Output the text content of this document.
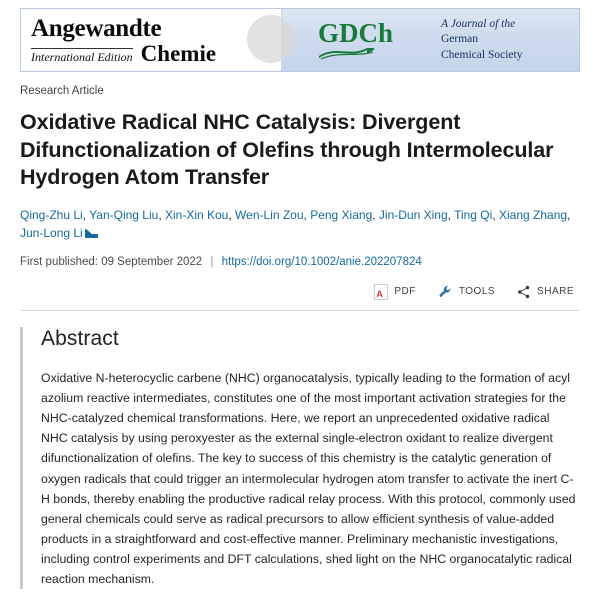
Angewandte
International Edition Chemie
GDCh	A Journal of the
German
Chemical Society
Research Article
Oxidative Radical NHC Catalysis: Divergent Difunctionalization of Olefins through Intermolecular Hydrogen Atom Transfer
Qing-Zhu Li, Yan-Qing Liu, Xin-Xin Kou, Wen-Lin Zou, Peng Xiang, Jin-Dun Xing, Ting Qi, Xiang Zhang,
Jun-Long Li
First published: 09 September 2022 | https://doi.org/10.1002/anie.202207824
A
PDF	TOOLS	SHARE
Abstract

Oxidative N-heterocyclic carbene (NHC) organocatalysis, typically leading to the formation of acyl azolium reactive intermediates, constitutes one of the most important activation strategies for the NHC-catalyzed chemical transformations. Here, we report an unprecedented oxidative radical NHC catalysis by using peroxyester as the external single-electron oxidant to realize divergent difunctionalization of olefins. The key to success of this chemistry is the catalytic generation of oxygen radicals that could trigger an intermolecular hydrogen atom transfer to activate the inert C-H bonds, thereby enabling the productive radical relay process. With this protocol, commonly used general chemicals could serve as radical precursors to allow efficient synthesis of value-added products in a straightforward and cost-effective manner. Preliminary mechanistic investigations, including control experiments and DFT calculations, shed light on the NHC organocatalytic radical reaction mechanism.
